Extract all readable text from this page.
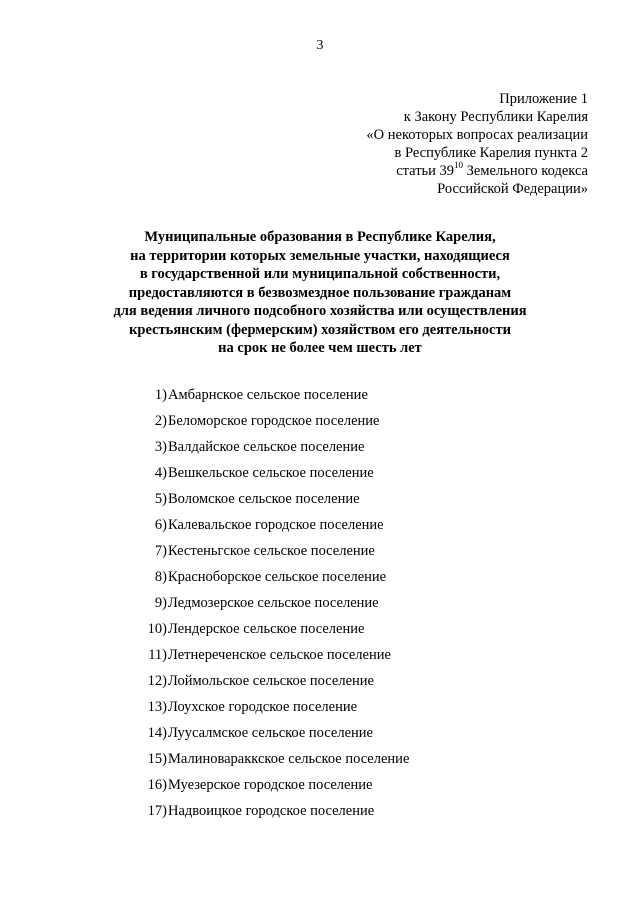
3
Приложение 1
к Закону Республики Карелия
«О некоторых вопросах реализации
в Республике Карелия пункта 2
статьи $39^{10}$ Земельного кодекса
Российской Федерации»
Муниципальные образования в Республике Карелия,
на территории которых земельные участки, находящиеся
в государственной или муниципальной собственности,
предоставляются в безвозмездное пользование гражданам
для ведения личного подсобного хозяйства или осуществления
крестьянским (фермерским) хозяйством его деятельности
на срок не более чем шесть лет
1) Амбарнское сельское поселение
2) Беломорское городское поселение
3) Валдайское сельское поселение
4) Вешкельское сельское поселение
5) Воломское сельское поселение
6) Калевальское городское поселение
7) Кестеньгское сельское поселение
8) Красноборское сельское поселение
9) Ледмозерское сельское поселение
10) Лендерское сельское поселение
11) Летнереченское сельское поселение
12) Лоймольское сельское поселение
13) Лоухское городское поселение
14) Луусалмское сельское поселение
15) Малиновараккское сельское поселение
16) Муезерское городское поселение
17) Надвоицкое городское поселение
